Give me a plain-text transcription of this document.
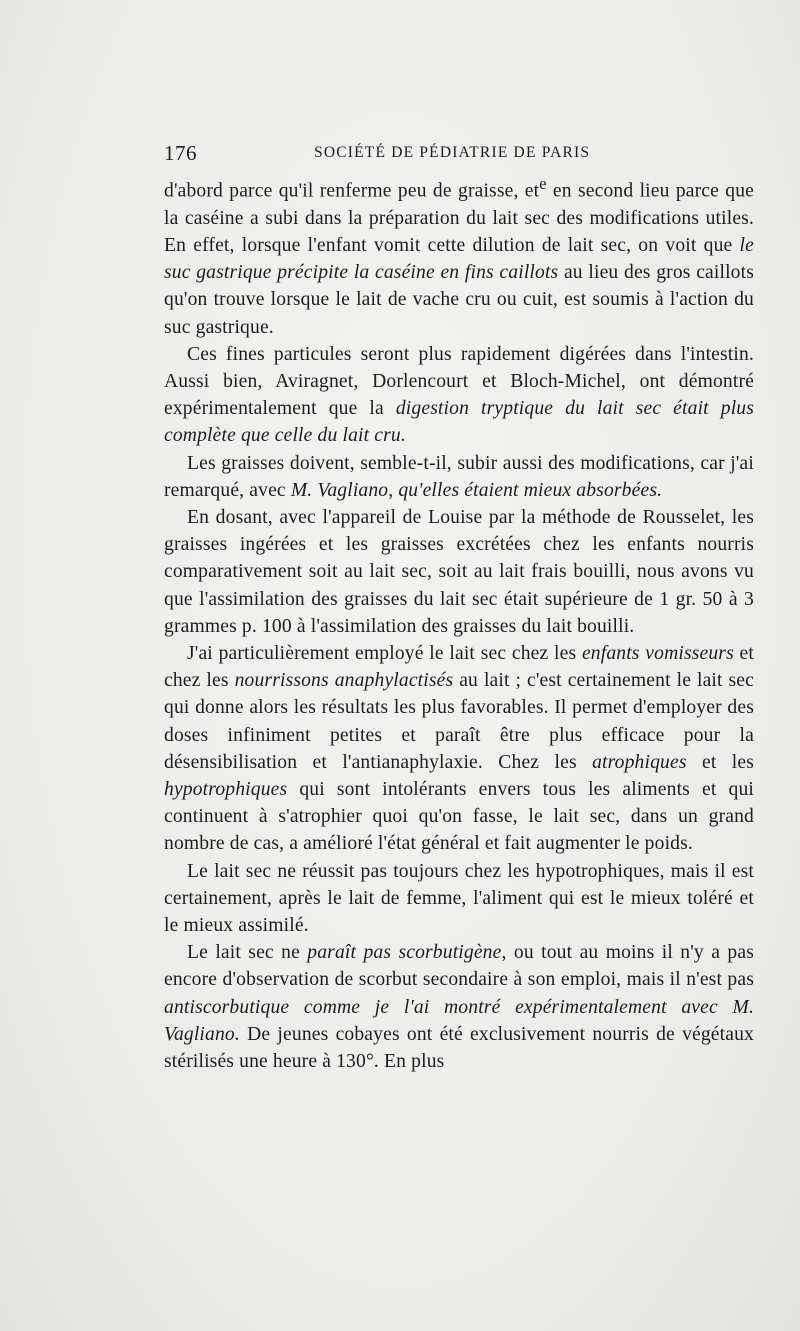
176	SOCIÉTÉ DE PÉDIATRIE DE PARIS

d'abord parce qu'il renferme peu de graisse, $et^e$ en second lieu parce que la caséine a subi dans la préparation du lait sec des modifications utiles. En effet, lorsque l'enfant vomit cette dilution de lait sec, on voit que le suc gastrique précipite la caséine en fins caillots au lieu des gros caillots qu'on trouve lorsque le lait de vache cru ou cuit, est soumis à l'action du suc gastrique.

Ces fines particules seront plus rapidement digérées dans l'intestin. Aussi bien, Aviragnet, Dorlencourt et Bloch-Michel, ont démontré expérimentalement que la digestion tryptique du lait sec était plus complète que celle du lait cru.

Les graisses doivent, semble-t-il, subir aussi des modifications, car j'ai remarqué, avec M. Vagliano, qu'elles étaient mieux absorbées.

En dosant, avec l'appareil de Louise par la méthode de Rousselet, les graisses ingérées et les graisses excrétées chez les enfants nourris comparativement soit au lait sec, soit au lait frais bouilli, nous avons vu que l'assimilation des graisses du lait sec était supérieure de 1 gr. 50 à 3 grammes p. 100 à l'assimilation des graisses du lait bouilli.

J'ai particulièrement employé le lait sec chez les enfants vomisseurs et chez les nourrissons anaphylactisés au lait ; c'est certainement le lait sec qui donne alors les résultats les plus favorables. Il permet d'employer des doses infiniment petites et paraît être plus efficace pour la désensibilisation et l'antianaphylaxie. Chez les atrophiques et les hypotrophiques qui sont intolérants envers tous les aliments et qui continuent à s'atrophier quoi qu'on fasse, le lait sec, dans un grand nombre de cas, a amélioré l'état général et fait augmenter le poids.

Le lait sec ne réussit pas toujours chez les hypotrophiques, mais il est certainement, après le lait de femme, l'aliment qui est le mieux toléré et le mieux assimilé.

Le lait sec ne paraît pas scorbutigène, ou tout au moins il n'y a pas encore d'observation de scorbut secondaire à son emploi, mais il n'est pas antiscorbutique comme je l'ai montré expérimentalement avec M. Vagliano. De jeunes cobayes ont été exclusivement nourris de végétaux stérilisés une heure à 130°. En plus
